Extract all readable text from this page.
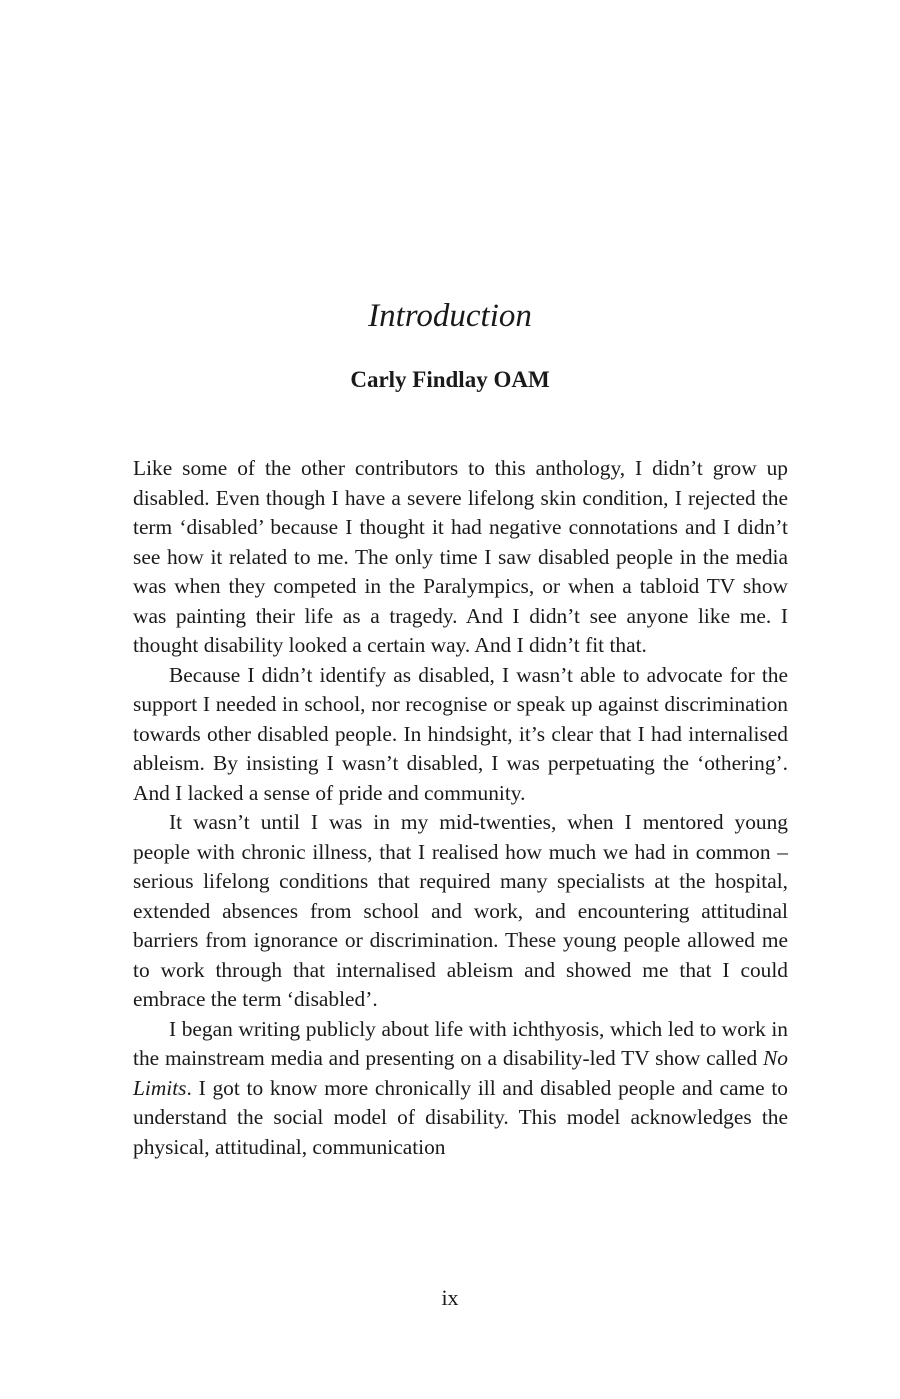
Introduction
Carly Findlay OAM

Like some of the other contributors to this anthology, I didn’t grow up disabled. Even though I have a severe lifelong skin condition, I rejected the term ‘disabled’ because I thought it had negative connotations and I didn’t see how it related to me. The only time I saw disabled people in the media was when they competed in the Paralympics, or when a tabloid TV show was painting their life as a tragedy. And I didn’t see anyone like me. I thought disability looked a certain way. And I didn’t fit that.

Because I didn’t identify as disabled, I wasn’t able to advocate for the support I needed in school, nor recognise or speak up against discrimination towards other disabled people. In hindsight, it’s clear that I had internalised ableism. By insisting I wasn’t disabled, I was perpetuating the ‘othering’. And I lacked a sense of pride and community.

It wasn’t until I was in my mid-twenties, when I mentored young people with chronic illness, that I realised how much we had in common – serious lifelong conditions that required many specialists at the hospital, extended absences from school and work, and encountering attitudinal barriers from ignorance or discrimination. These young people allowed me to work through that internalised ableism and showed me that I could embrace the term ‘disabled’.

I began writing publicly about life with ichthyosis, which led to work in the mainstream media and presenting on a disability-led TV show called No Limits. I got to know more chronically ill and disabled people and came to understand the social model of disability. This model acknowledges the physical, attitudinal, communication

ix
